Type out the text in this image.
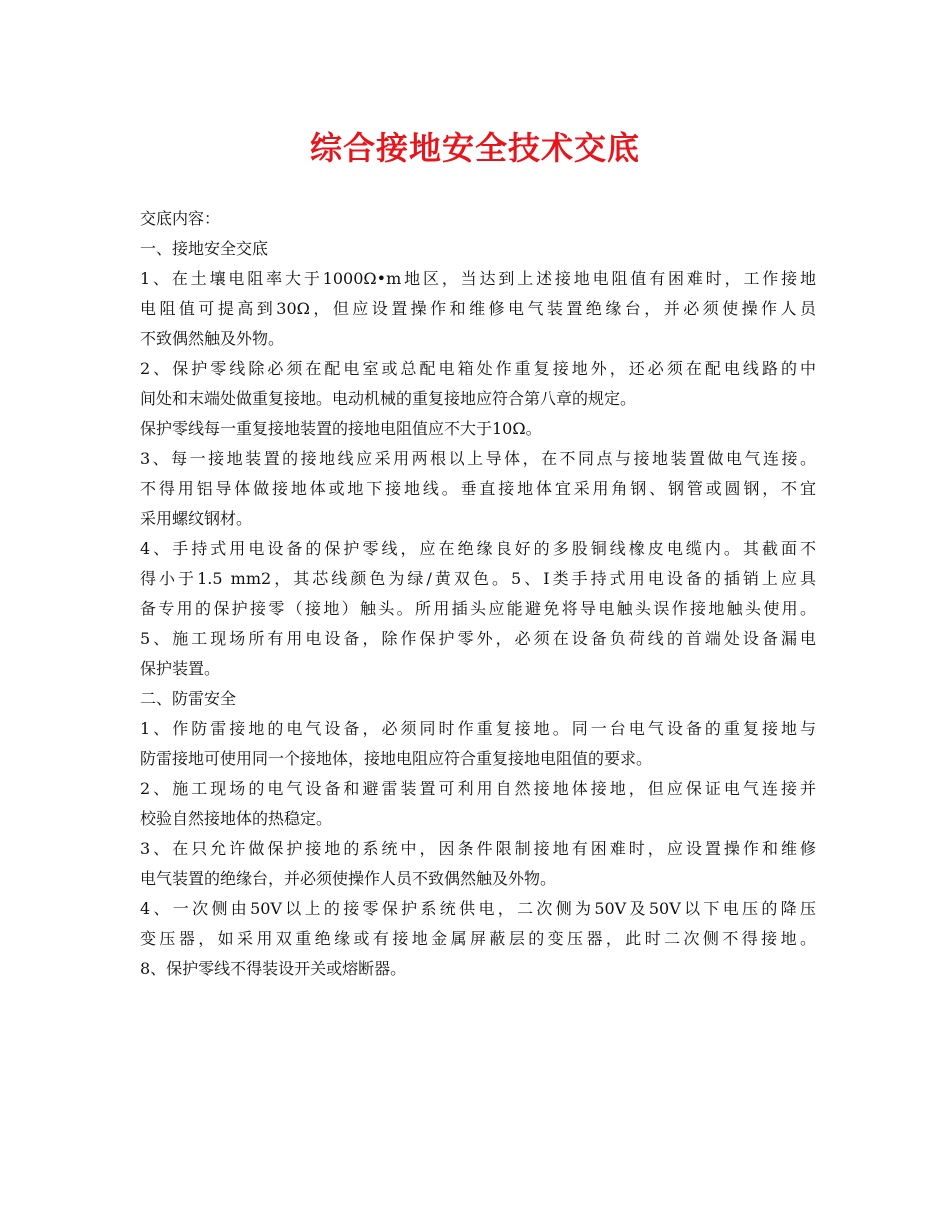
综合接地安全技术交底
交底内容：
一、接地安全交底
1、在土壤电阻率大于1000Ω•m地区，当达到上述接地电阻值有困难时，工作接地
电阻值可提高到30Ω，但应设置操作和维修电气装置绝缘台，并必须使操作人员
不致偶然触及外物。
2、保护零线除必须在配电室或总配电箱处作重复接地外，还必须在配电线路的中
间处和末端处做重复接地。电动机械的重复接地应符合第八章的规定。
保护零线每一重复接地装置的接地电阻值应不大于10Ω。
3、每一接地装置的接地线应采用两根以上导体，在不同点与接地装置做电气连接。
不得用铝导体做接地体或地下接地线。垂直接地体宜采用角钢、钢管或圆钢，不宜
采用螺纹钢材。
4、手持式用电设备的保护零线，应在绝缘良好的多股铜线橡皮电缆内。其截面不
得小于1.5 mm2，其芯线颜色为绿/黄双色。5、I类手持式用电设备的插销上应具
备专用的保护接零（接地）触头。所用插头应能避免将导电触头误作接地触头使用。
5、施工现场所有用电设备，除作保护零外，必须在设备负荷线的首端处设备漏电
保护装置。
二、防雷安全
1、作防雷接地的电气设备，必须同时作重复接地。同一台电气设备的重复接地与
防雷接地可使用同一个接地体，接地电阻应符合重复接地电阻值的要求。
2、施工现场的电气设备和避雷装置可利用自然接地体接地，但应保证电气连接并
校验自然接地体的热稳定。
3、在只允许做保护接地的系统中，因条件限制接地有困难时，应设置操作和维修
电气装置的绝缘台，并必须使操作人员不致偶然触及外物。
4、一次侧由50V以上的接零保护系统供电，二次侧为50V及50V以下电压的降压
变压器，如采用双重绝缘或有接地金属屏蔽层的变压器，此时二次侧不得接地。
8、保护零线不得装设开关或熔断器。
